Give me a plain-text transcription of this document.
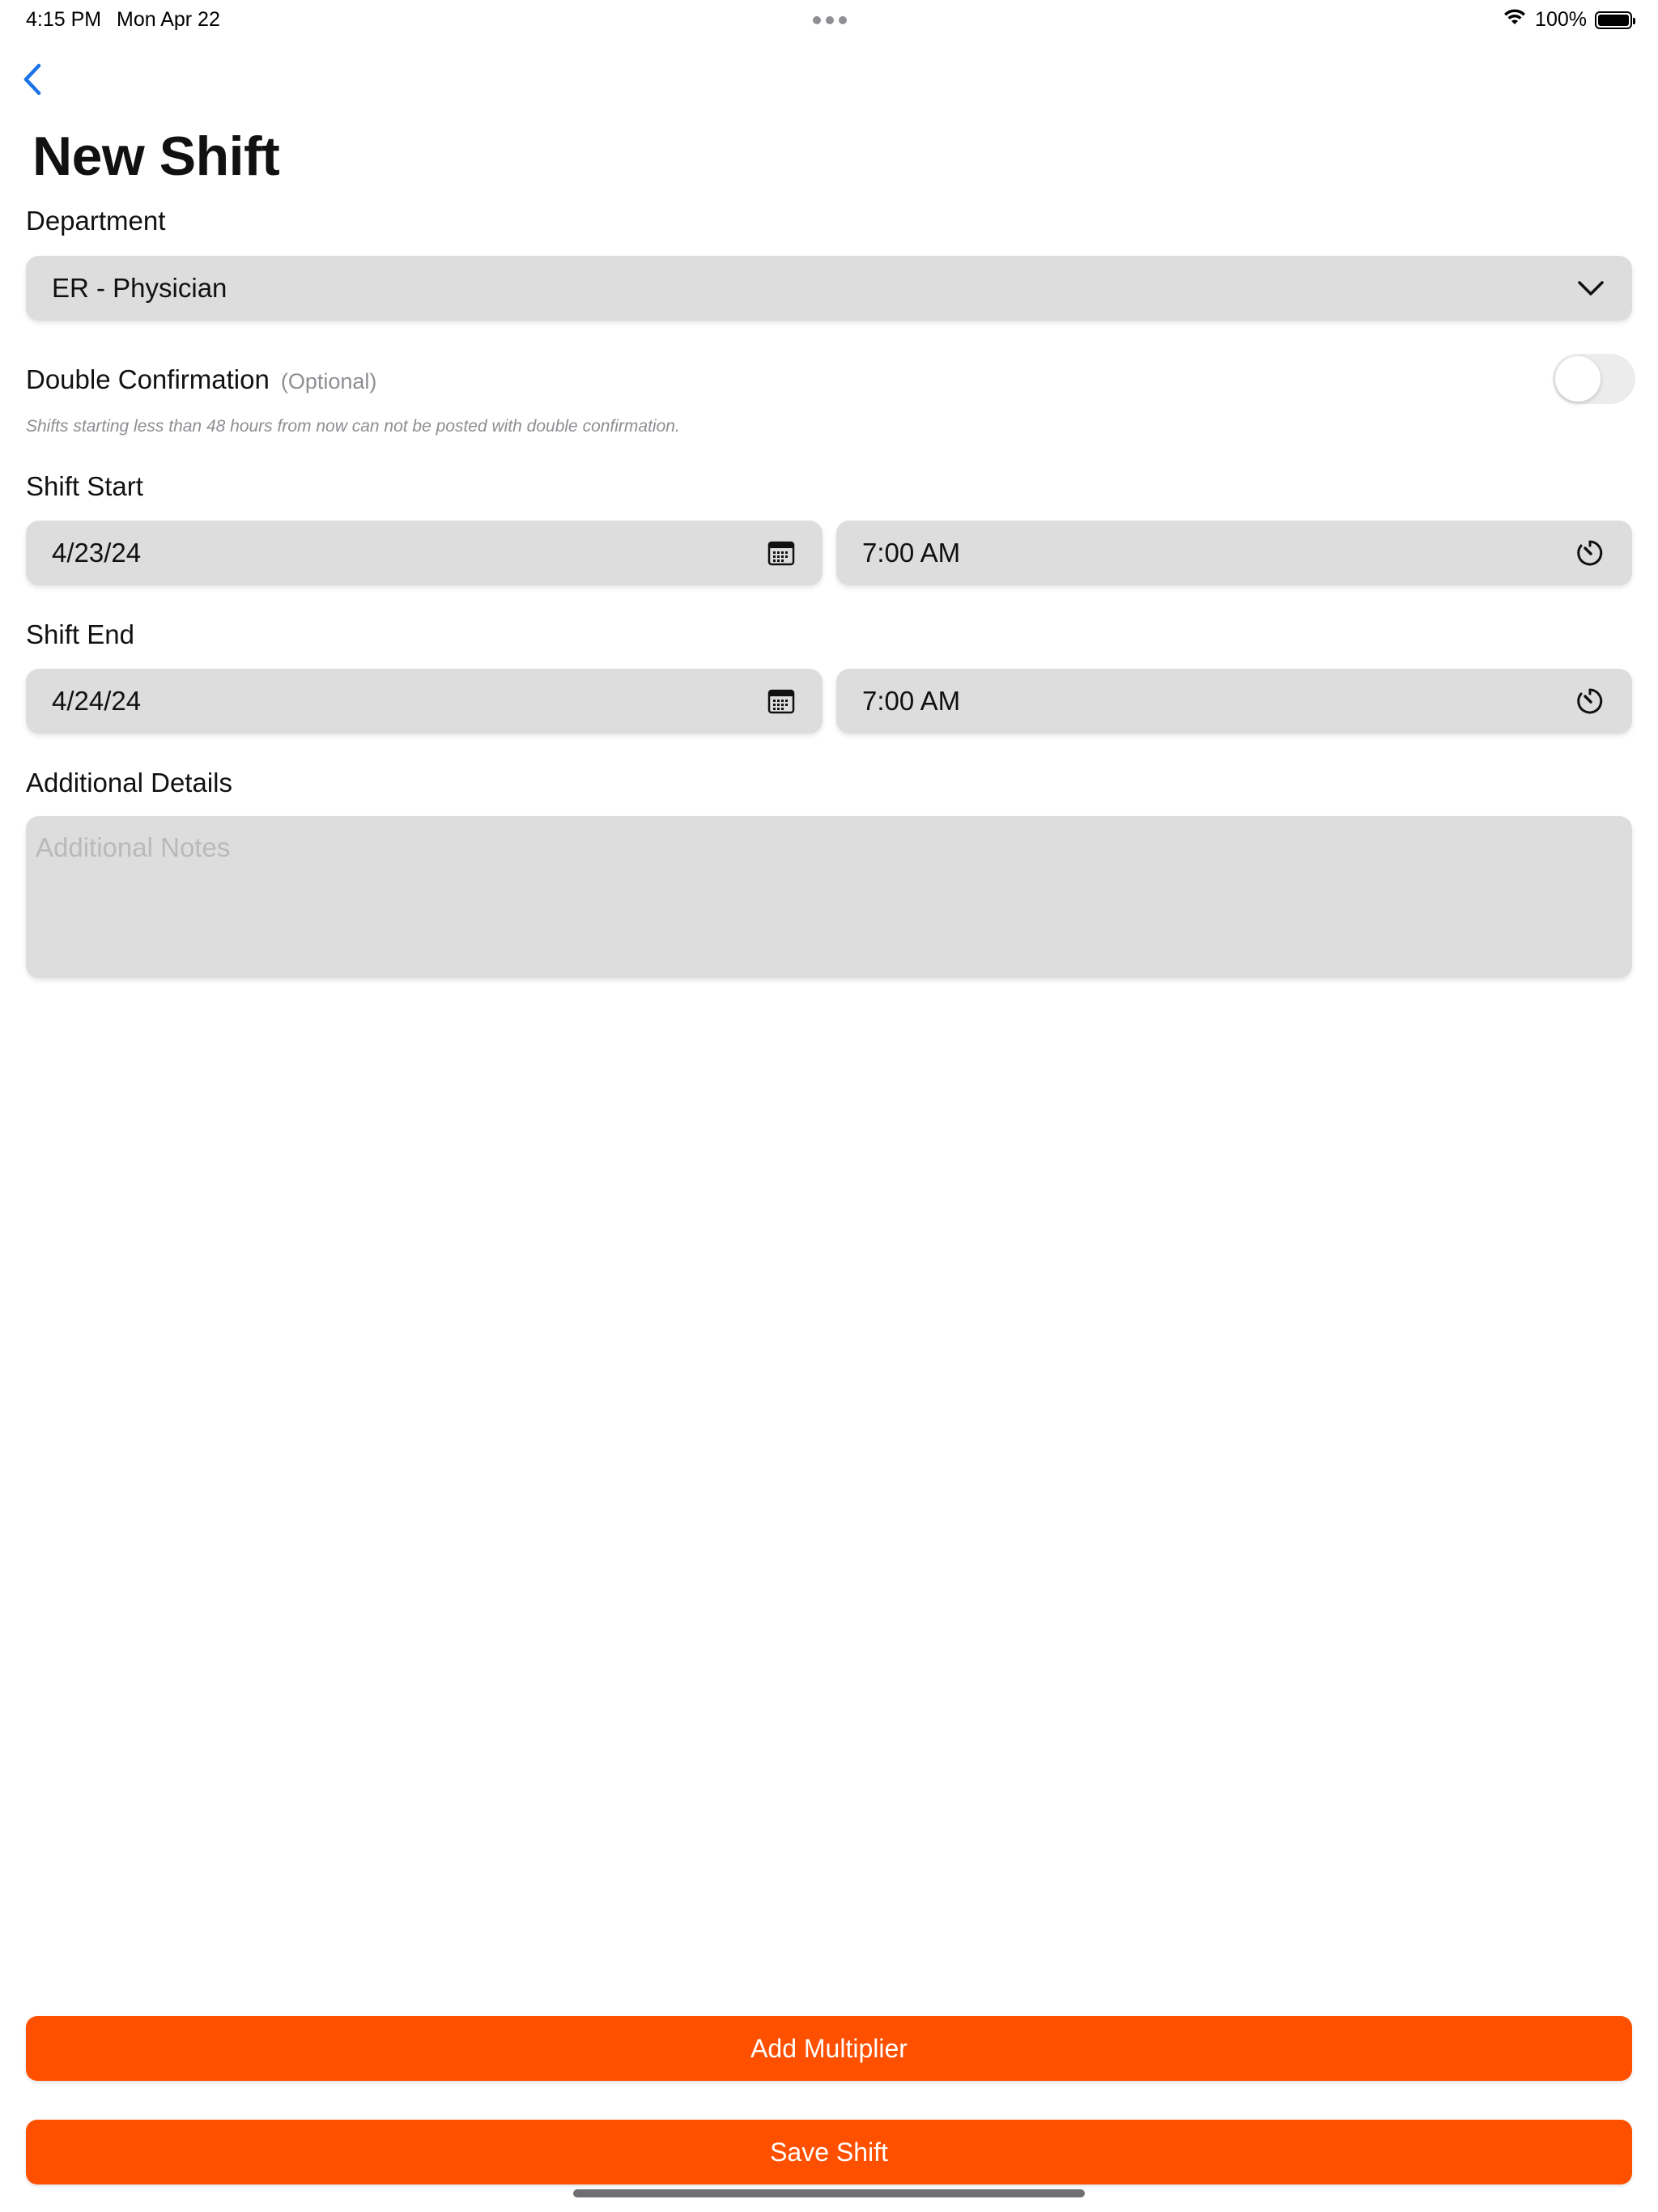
4:15 PM Mon Apr 22	100%
New Shift
Department
ER - Physician
Double Confirmation (Optional)
Shifts starting less than 48 hours from now can not be posted with double confirmation.
Shift Start
4/23/24	7:00 AM
Shift End
4/24/24	7:00 AM
Additional Details
Additional Notes
Add Multiplier
Save Shift
